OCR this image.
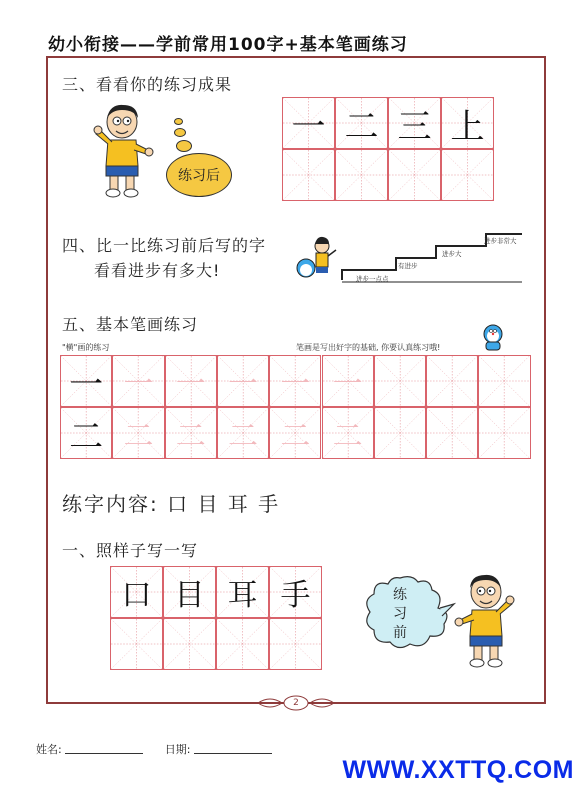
幼小衔接——学前常用100字+基本笔画练习
三、看看你的练习成果
练习后
一 二 三 上
四、比一比练习前后写的字
看看进步有多大!	进步一点点
有进步
进步大
进步非常大
五、基本笔画练习
"横"画的练习	笔画是写出好字的基础, 你要认真练习哦!
一 一 一 一 一 一
二 二 二 二 二 二
练字内容: 口 目 耳 手
一、照样子写一写
口 目 耳 手	练习前
2
姓名:	日期:
WWW.XXTTQ.COM
